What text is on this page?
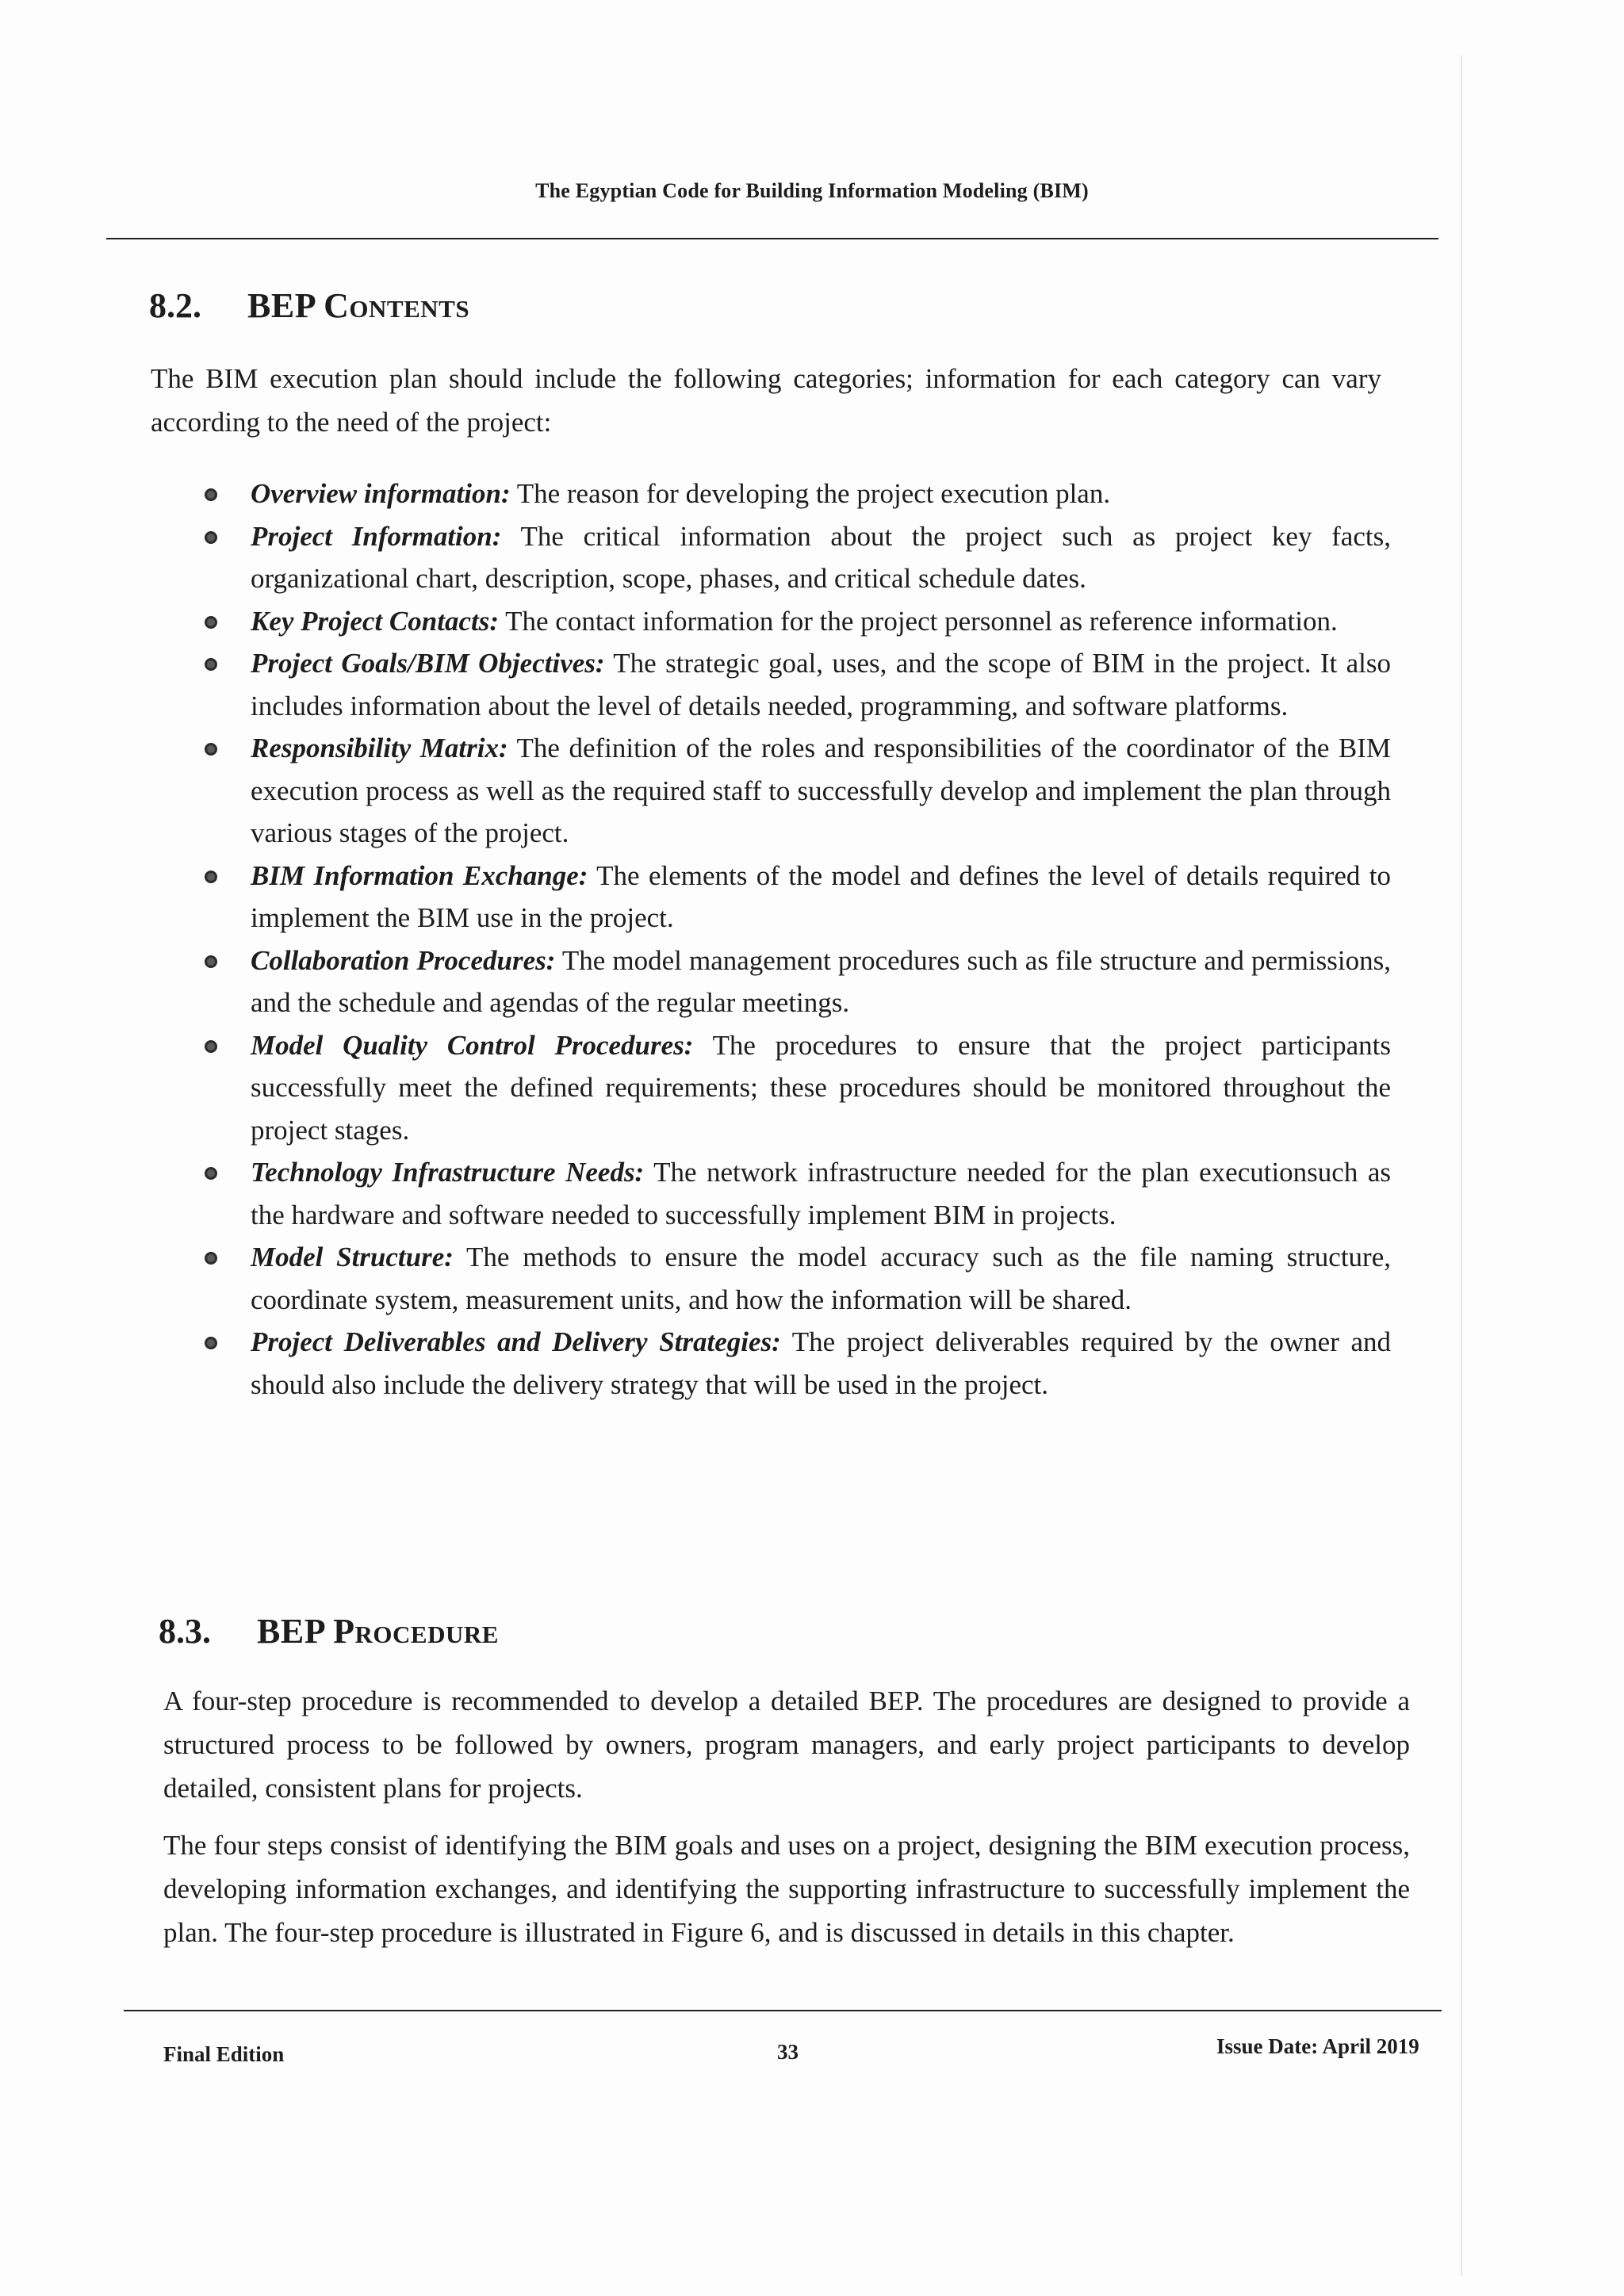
The Egyptian Code for Building Information Modeling (BIM)
8.2. BEP Contents
The BIM execution plan should include the following categories; information for each category can vary according to the need of the project:
Overview information: The reason for developing the project execution plan.
Project Information: The critical information about the project such as project key facts, organizational chart, description, scope, phases, and critical schedule dates.
Key Project Contacts: The contact information for the project personnel as reference information.
Project Goals/BIM Objectives: The strategic goal, uses, and the scope of BIM in the project. It also includes information about the level of details needed, programming, and software platforms.
Responsibility Matrix: The definition of the roles and responsibilities of the coordinator of the BIM execution process as well as the required staff to successfully develop and implement the plan through various stages of the project.
BIM Information Exchange: The elements of the model and defines the level of details required to implement the BIM use in the project.
Collaboration Procedures: The model management procedures such as file structure and permissions, and the schedule and agendas of the regular meetings.
Model Quality Control Procedures: The procedures to ensure that the project participants successfully meet the defined requirements; these procedures should be monitored throughout the project stages.
Technology Infrastructure Needs: The network infrastructure needed for the plan executionsuch as the hardware and software needed to successfully implement BIM in projects.
Model Structure: The methods to ensure the model accuracy such as the file naming structure, coordinate system, measurement units, and how the information will be shared.
Project Deliverables and Delivery Strategies: The project deliverables required by the owner and should also include the delivery strategy that will be used in the project.
8.3. BEP Procedure
A four-step procedure is recommended to develop a detailed BEP. The procedures are designed to provide a structured process to be followed by owners, program managers, and early project participants to develop detailed, consistent plans for projects.
The four steps consist of identifying the BIM goals and uses on a project, designing the BIM execution process, developing information exchanges, and identifying the supporting infrastructure to successfully implement the plan. The four-step procedure is illustrated in Figure 6, and is discussed in details in this chapter.
Final Edition	33	Issue Date: April 2019
